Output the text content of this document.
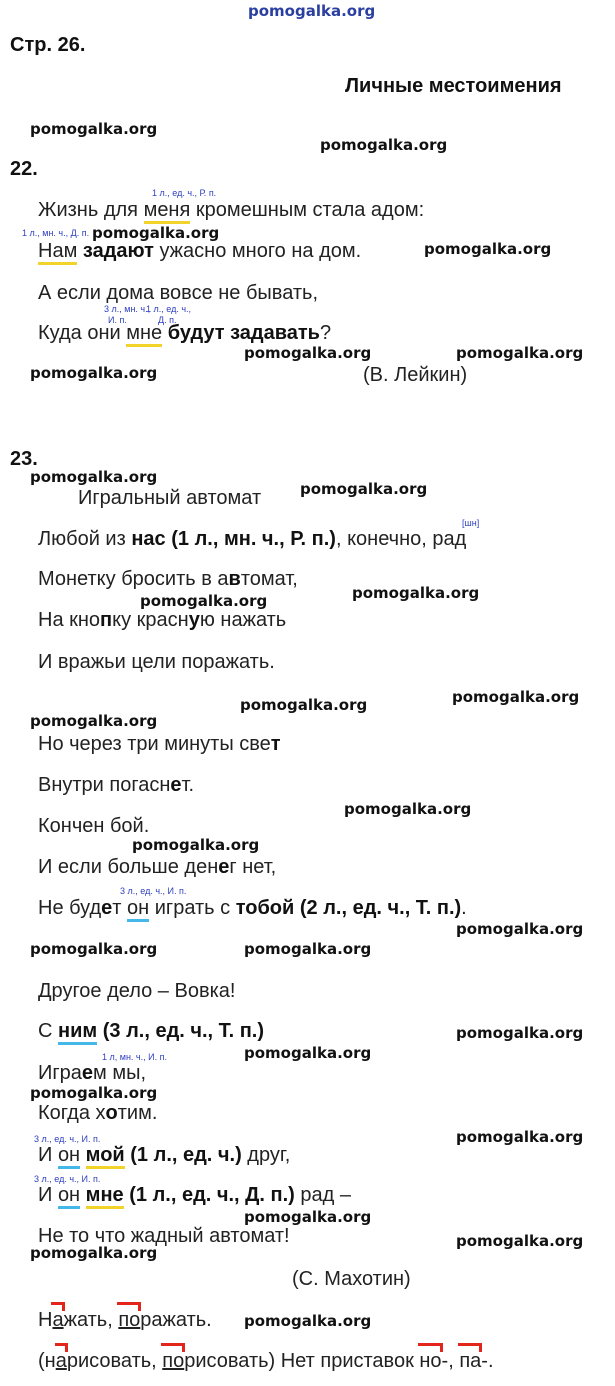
pomogalka.org
pomogalka.org
pomogalka.org
pomogalka.org
pomogalka.org
pomogalka.org	pomogalka.org
pomogalka.org
pomogalka.org
pomogalka.org
pomogalka.org
pomogalka.org
pomogalka.org
pomogalka.org
pomogalka.org
pomogalka.org
pomogalka.org
pomogalka.org
pomogalka.org	pomogalka.org
pomogalka.org
pomogalka.org
pomogalka.org
pomogalka.org
pomogalka.org
pomogalka.org
pomogalka.org
pomogalka.org
Стр. 26.
Личные местоимения
22.
1 л., ед. ч., Р. п.
Жизнь для меня кромешным стала адом:
1 л., мн. ч., Д. п.
Нам задают ужасно много на дом.
А если дома вовсе не бывать,
3 л., мн. ч.,
И. п.
1 л., ед. ч.,
Д. п.
Куда они мне будут задавать?
(В. Лейкин)
23.
Игральный автомат
[шн]
Любой из нас (1 л., мн. ч., Р. п.), конечно, рад
Монетку бросить в автомат,
На кнопку красную нажать
И вражьи цели поражать.
Но через три минуты свет
Внутри погаснет.
Кончен бой.
И если больше денег нет,
3 л., ед. ч., И. п.
Не будет он играть с тобой (2 л., ед. ч., Т. п.).
Другое дело – Вовка!
С ним (3 л., ед. ч., Т. п.)
1 л, мн. ч., И. п.
Играем мы,
Когда хотим.
3 л., ед. ч., И. п.
И он мой (1 л., ед. ч.) друг,
3 л., ед. ч., И. п.
И он мне (1 л., ед. ч., Д. п.) рад –
Не то что жадный автомат!
(С. Махотин)
Нажать, поражать.
(нарисовать, порисовать) Нет приставок но-, па-.
